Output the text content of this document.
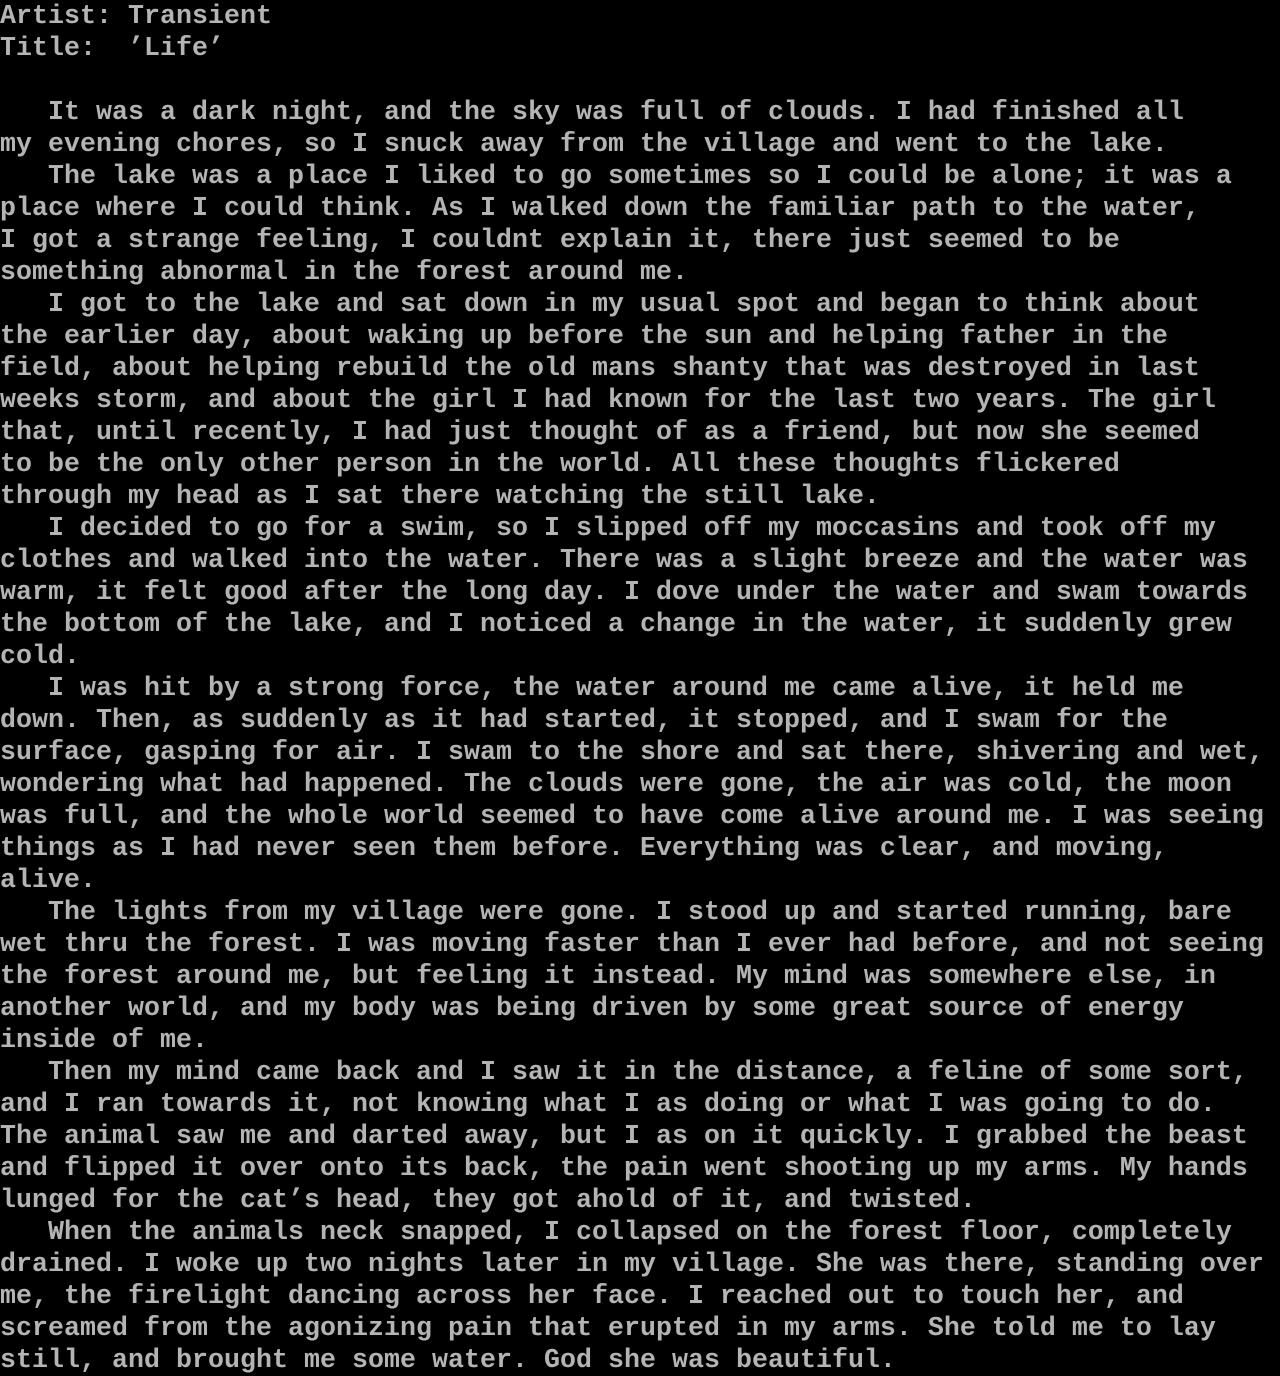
Artist: Transient
Title:  ’Life’
It was a dark night, and the sky was full of clouds. I had finished all
my evening chores, so I snuck away from the village and went to the lake.
The lake was a place I liked to go sometimes so I could be alone; it was a
place where I could think. As I walked down the familiar path to the water,
I got a strange feeling, I couldnt explain it, there just seemed to be
something abnormal in the forest around me.
I got to the lake and sat down in my usual spot and began to think about
the earlier day, about waking up before the sun and helping father in the
field, about helping rebuild the old mans shanty that was destroyed in last
weeks storm, and about the girl I had known for the last two years. The girl
that, until recently, I had just thought of as a friend, but now she seemed
to be the only other person in the world. All these thoughts flickered
through my head as I sat there watching the still lake.
I decided to go for a swim, so I slipped off my moccasins and took off my
clothes and walked into the water. There was a slight breeze and the water was
warm, it felt good after the long day. I dove under the water and swam towards
the bottom of the lake, and I noticed a change in the water, it suddenly grew
cold.
I was hit by a strong force, the water around me came alive, it held me
down. Then, as suddenly as it had started, it stopped, and I swam for the
surface, gasping for air. I swam to the shore and sat there, shivering and wet,
wondering what had happened. The clouds were gone, the air was cold, the moon
was full, and the whole world seemed to have come alive around me. I was seeing
things as I had never seen them before. Everything was clear, and moving,
alive.
The lights from my village were gone. I stood up and started running, bare
wet thru the forest. I was moving faster than I ever had before, and not seeing
the forest around me, but feeling it instead. My mind was somewhere else, in
another world, and my body was being driven by some great source of energy
inside of me.
Then my mind came back and I saw it in the distance, a feline of some sort,
and I ran towards it, not knowing what I as doing or what I was going to do.
The animal saw me and darted away, but I as on it quickly. I grabbed the beast
and flipped it over onto its back, the pain went shooting up my arms. My hands
lunged for the cat’s head, they got ahold of it, and twisted.
When the animals neck snapped, I collapsed on the forest floor, completely
drained. I woke up two nights later in my village. She was there, standing over
me, the firelight dancing across her face. I reached out to touch her, and
screamed from the agonizing pain that erupted in my arms. She told me to lay
still, and brought me some water. God she was beautiful.
